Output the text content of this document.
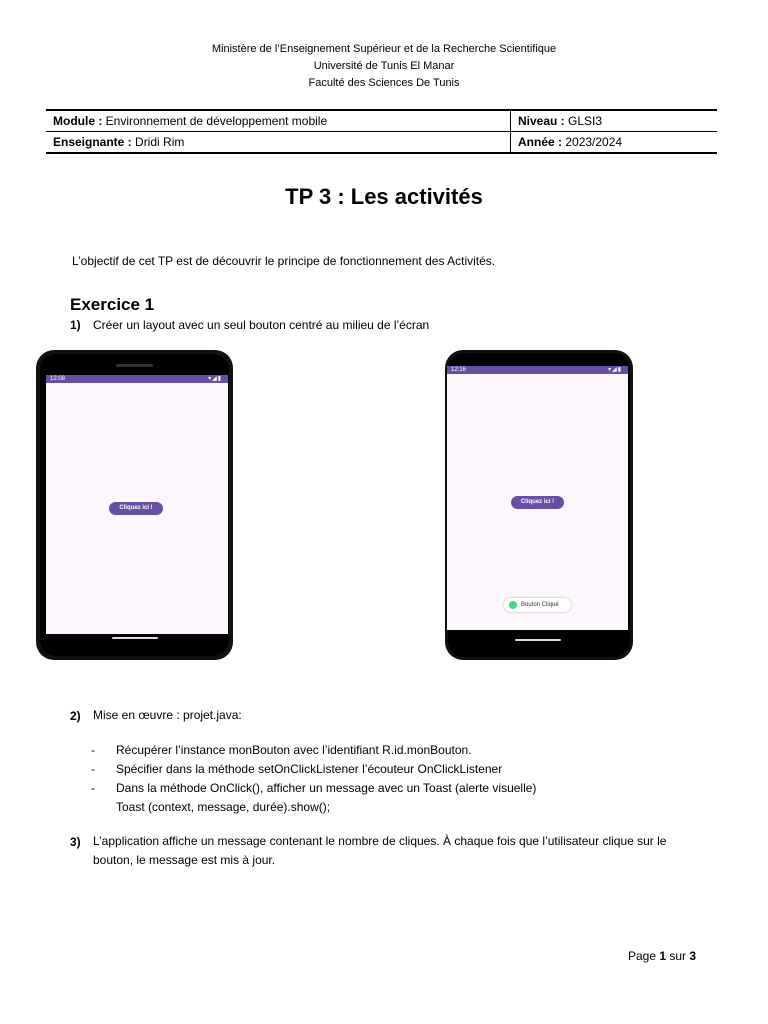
Ministère de l’Enseignement Supérieur et de la Recherche Scientifique
Université de Tunis El Manar
Faculté des Sciences De Tunis
Module : Environnement de développement mobile	Niveau : GLSI3
Enseignante : Dridi Rim	Année : 2023/2024
TP 3 : Les activités
L’objectif de cet TP est de découvrir le principe de fonctionnement des Activités.
Exercice 1
1) Créer un layout avec un seul bouton centré au milieu de l’écran
12:08	▾◢▮
Cliquez ici !
12:16	▾◢▮
Cliquez ici !
Bouton Cliqué
2) Mise en œuvre : projet.java:
- Récupérer l’instance monBouton avec l’identifiant R.id.monBouton.
- Spécifier dans la méthode setOnClickListener l’écouteur OnClickListener
- Dans la méthode OnClick(), afficher un message avec un Toast (alerte visuelle)
Toast (context, message, durée).show();
3) L’application affiche un message contenant le nombre de cliques. À chaque fois que l’utilisateur clique sur le
bouton, le message est mis à jour.
Page 1 sur 3
